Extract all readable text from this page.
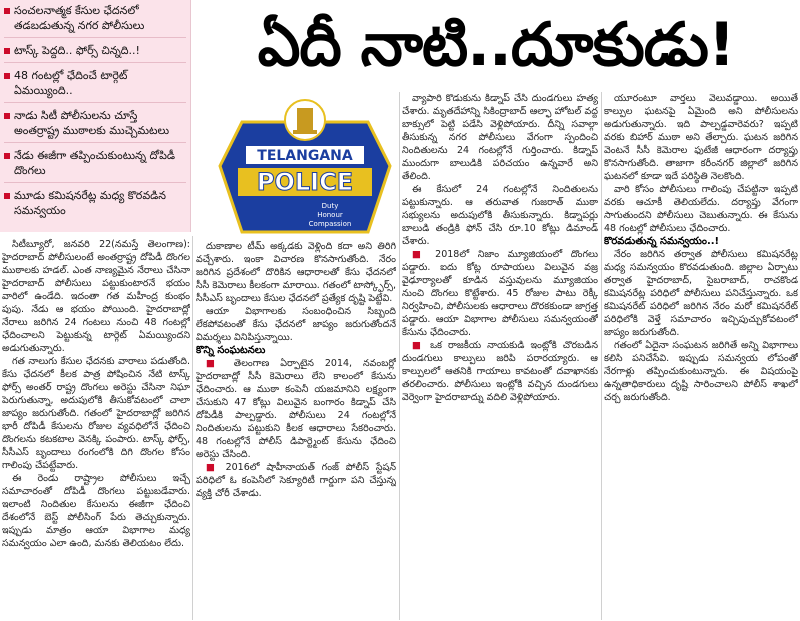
సంచలనాత్మక కేసుల ఛేదనలో తడబడుతున్న నగర పోలీసులు
టాస్క్ పెద్దది.. ఫోర్స్ చిన్నది..!
48 గంటల్లో ఛేదించే టార్గెట్ ఏమయ్యింది..
నాడు సిటీ పోలీసులను చూస్తే అంతర్రాష్ట్ర ముఠాలకు ముచ్చెమటలు
నేడు ఈజీగా తప్పించుకుంటున్న దోపిడీ దొంగలు
మూడు కమిషనరేట్ల మధ్య కొరవడిన సమన్వయం
ఏదీ నాటి..దూకుడు!
TELANGANA
POLICE
Duty
Honour
Compassion

సిటీబ్యూరో, జనవరి 22(నమస్తే తెలంగాణ): హైదరాబాద్ పోలీసులంటే అంతర్రాష్ట్ర దోపిడీ దొంగల ముఠాలకు హడల్. ఎంత నాణ్యమైన నేరాలు చేసినా హైదరాబాద్ పోలీసులు పట్టుకుంటారనే భయం వారిలో ఉండేది. ఇదంతా గత మహీంద్ర కుంభం పుపు. నేడు ఆ భయం పోయింది. హైదరాబాద్లో నేరాలు జరిగిన 24 గంటలు నుంచి 48 గంటల్లో ఛేదించాలని పెట్టుకున్న టార్గెట్ ఏమయ్యిందని అడుగుతున్నారు.

గత నాలుగు కేసుల ఛేదనకు వారాలు పడుతోంది. కేసు ఛేదనలో కీలక పాత్ర పోషించిన నేటి టాస్క్ ఫోర్స్ అంతర్ రాష్ట్ర దొంగలు అరెస్టు చేసినా నిఘా పెరుగుతున్నా, అదుపులోకి తీసుకోవటంలో చాలా జాప్యం జరుగుతోంది. గతంలో హైదరాబాద్లో జరిగిన భారీ దోపిడీ కేసులను రోజుల వ్యవధిలోనే ఛేదించి దొంగలను కటకటాల వెనక్కి పంపారు. టాస్క్ ఫోర్స్, సీసీఎస్ బృందాలు రంగంలోకి దిగి దొంగల కోసం గాలింపు చేపట్టేవారు.

ఈ రెండు రాష్ట్రాల పోలీసులు ఇచ్చే సమాచారంతో దోపిడీ దొంగలు పట్టుబడేవారు. ఇలాంటి నిందితుల కేసులను ఈజీగా ఛేదించి దేశంలోనే బెస్ట్ పోలీసింగ్ పేరు తెచ్చుకున్నారు. ఇప్పుడు మాత్రం ఆయా విభాగాల మధ్య సమన్వయం ఎలా ఉంది, మనకు తెలియటం లేదు.

దుకాణాల టీమ్ అక్కడకు వెళ్లింది కదా అని తిరిగి వచ్చేశారు. ఇంకా విచారణ కొనసాగుతోంది. నేరం జరిగిన ప్రదేశంలో దొరికిన ఆధారాలతో కేసు ఛేదనలో సీసీ కెమెరాలు కీలకంగా మారాయి. గతంలో టాస్క్ఫోర్స్, సీసీఎస్ బృందాలు కేసుల ఛేదనలో ప్రత్యేక దృష్టి పెట్టేవి.

ఆయా విభాగాలకు సంబంధించిన సిబ్బంది లేకపోవటంతో కేసు ఛేదనలో జాప్యం జరుగుతోందనే విమర్శలు వినిపిస్తున్నాయి.

కొన్ని సంఘటనలు

■ తెలంగాణ ఏర్పాటైన 2014, నవంబర్లో హైదరాబాద్లో సీసీ కెమెరాలు లేని కాలంలో కేసును ఛేదించారు. ఆ ముఠా కంపెనీ యజమానిని లక్ష్యంగా చేసుకుని 47 కోట్లు విలువైన బంగారం కిడ్నాప్ చేసి దోపిడీకి పాల్పడ్డారు. పోలీసులు 24 గంటల్లోనే నిందితులను పట్టుకుని కీలక ఆధారాలు సేకరించారు. 48 గంటల్లోనే పోలీస్ డిపార్ట్మెంట్ కేసును ఛేదించి అరెస్టు చేసింది.

■ 2016లో షాహీనాయత్ గంజ్ పోలీస్ స్టేషన్ పరిధిలో ఓ కంపెనీలో సెక్యూరిటీ గార్డుగా పని చేస్తున్న వ్యక్తి చోరీ చేశాడు.

వ్యాపారి కొడుకును కిడ్నాప్ చేసి దుండగులు హత్య చేశారు. మృతదేహాన్ని సికింద్రాబాద్ ఆల్ఫా హోటల్ వద్ద బాక్సులో పెట్టి పడేసి వెళ్లిపోయారు. దీన్ని సవాల్గా తీసుకున్న నగర పోలీసులు వేగంగా స్పందించి నిందితులను 24 గంటల్లోనే గుర్తించారు. కిడ్నాప్ ముందుగా బాలుడికి పరిచయం ఉన్నవారే అని తేలింది.

ఈ కేసులో 24 గంటల్లోనే నిందితులను పట్టుకున్నారు. ఆ తరువాత గుజరాత్ ముఠా సభ్యులను అదుపులోకి తీసుకున్నారు. కిడ్నాపర్లు బాలుడి తండ్రికి ఫోన్ చేసి రూ.10 కోట్లు డిమాండ్ చేశారు.

■ 2018లో నిజాం మ్యూజియంలో దొంగలు పడ్డారు. ఐదు కోట్ల రూపాయలు విలువైన వజ్ర వైఢూర్యాలతో కూడిన వస్తువులను మ్యూజియం నుంచి దొంగలు కొట్టేశారు. 45 రోజుల పాటు రెక్కీ నిర్వహించి, పోలీసులకు ఆధారాలు దొరకకుండా జాగ్రత్త పడ్డారు. ఆయా విభాగాల పోలీసులు సమన్వయంతో కేసును ఛేదించారు.

■ ఒక రాజకీయ నాయకుడి ఇంట్లోకి చొరబడిన దుండగులు కాల్పులు జరిపి పరారయ్యారు. ఆ కాల్పులలో ఆతనికి గాయాలు కావటంతో దవాఖానకు తరలించారు. పోలీసులు ఇంట్లోకి వచ్చిన దుండగులు వెర్వెంగా హైదరాబాద్ను వదిలి వెళ్లిపోయారు.

యూరంటూ వార్తలు వెలువడ్డాయి. అయితే కాల్పుల ఘటనపై ఏమైంది అని పోలీసులను అడుగుతున్నారు. ఇది పాల్పడ్డవారెవరు? ఇప్పటి వరకు బిహార్ ముఠా అని తేల్చారు. ఘటన జరిగిన వెంటనే సీసీ కెమెరాల ఫుటేజీ ఆధారంగా దర్యాప్తు కొనసాగుతోంది. తాజాగా కరీంనగర్ జిల్లాలో జరిగిన ఘటనలో కూడా ఇదే పరిస్థితి నెలకొంది.

వారి కోసం పోలీసులు గాలింపు చేపట్టినా ఇప్పటి వరకు ఆచూకీ తెలియలేదు. దర్యాప్తు వేగంగా సాగుతుందని పోలీసులు చెబుతున్నారు. ఈ కేసును 48 గంటల్లో పోలీసులు ఛేదించారు.

కొరవడుతున్న సమన్వయం..!

నేరం జరిగిన తర్వాత పోలీసులు కమిషనరేట్ల మధ్య సమన్వయం కొరవడుతుంది. జిల్లాల ఏర్పాటు తర్వాత హైదరాబాద్, సైబరాబాద్, రాచకొండ కమిషనరేట్ల పరిధిలో పోలీసులు పనిచేస్తున్నారు. ఒక కమిషనరేట్ పరిధిలో జరిగిన నేరం మరో కమిషనరేట్ పరిధిలోకి వెళ్తే సమాచారం ఇచ్చిపుచ్చుకోవటంలో జాప్యం జరుగుతోంది.

గతంలో ఏదైనా సంఘటన జరిగితే అన్ని విభాగాలు కలిసి పనిచేసేవి. ఇప్పుడు సమన్వయ లోపంతో నేరగాళ్లు తప్పించుకుంటున్నారు. ఈ విషయంపై ఉన్నతాధికారులు దృష్టి సారించాలని పోలీస్ శాఖలో చర్చ జరుగుతోంది.
